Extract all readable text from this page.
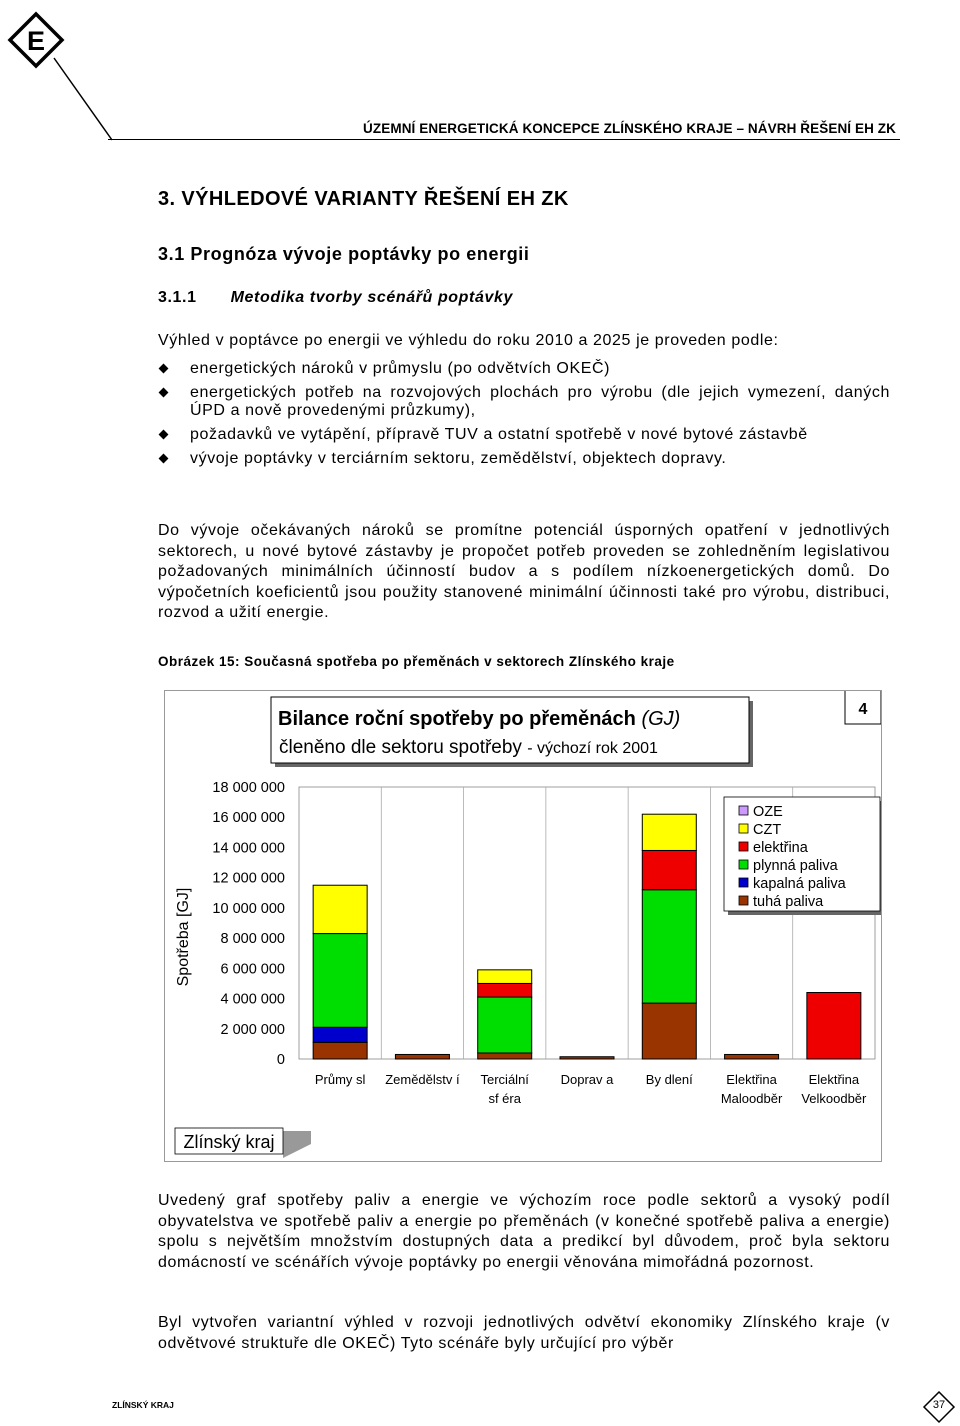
E
ÚZEMNÍ ENERGETICKÁ KONCEPCE ZLÍNSKÉHO KRAJE – NÁVRH ŘEŠENÍ EH ZK
3. VÝHLEDOVÉ VARIANTY ŘEŠENÍ EH ZK
3.1 Prognóza vývoje poptávky po energii
3.1.1 Metodika tvorby scénářů poptávky
Výhled v poptávce po energii ve výhledu do roku 2010 a 2025 je proveden podle:
energetických nároků v průmyslu (po odvětvích OKEČ)
energetických potřeb na rozvojových plochách pro výrobu (dle jejich vymezení, daných ÚPD a nově provedenými průzkumy),
požadavků ve vytápění, přípravě TUV a ostatní spotřebě v nové bytové zástavbě
vývoje poptávky v terciárním sektoru, zemědělství, objektech dopravy.
Do vývoje očekávaných nároků se promítne potenciál úsporných opatření v jednotlivých sektorech, u nové bytové zástavby je propočet potřeb proveden se zohledněním legislativou požadovaných minimálních účinností budov a s podílem nízkoenergetických domů. Do výpočetních koeficientů jsou použity stanovené minimální účinnosti také pro výrobu, distribuci, rozvod a užití energie.
Obrázek 15: Současná spotřeba po přeměnách v sektorech Zlínského kraje
Bilance roční spotřeby po přeměnách (GJ)
členěno dle sektoru spotřeby - výchozí rok 2001
4
Spotřeba [GJ]
0
2 000 000
4 000 000
6 000 000
8 000 000
10 000 000
12 000 000
14 000 000
16 000 000
18 000 000
Průmy sl Zemědělstv í Terciální
sf éra
Doprav a By dlení	Elektřina
Maloodběr
Elektřina
Velkoodběr
OZE
CZT
elektřina
plynná paliva
kapalná paliva
tuhá paliva
Zlínský kraj
Uvedený graf spotřeby paliv a energie ve výchozím roce podle sektorů a vysoký podíl obyvatelstva ve spotřebě paliv a energie po přeměnách (v konečné spotřebě paliva a energie) spolu s největším množstvím dostupných data a predikcí byl důvodem, proč byla sektoru domácností ve scénářích vývoje poptávky po energii věnována mimořádná pozornost.
Byl vytvořen variantní výhled v rozvoji jednotlivých odvětví ekonomiky Zlínského kraje (v odvětvové struktuře dle OKEČ) Tyto scénáře byly určující pro výběr
ZLÍNSKÝ KRAJ	37
